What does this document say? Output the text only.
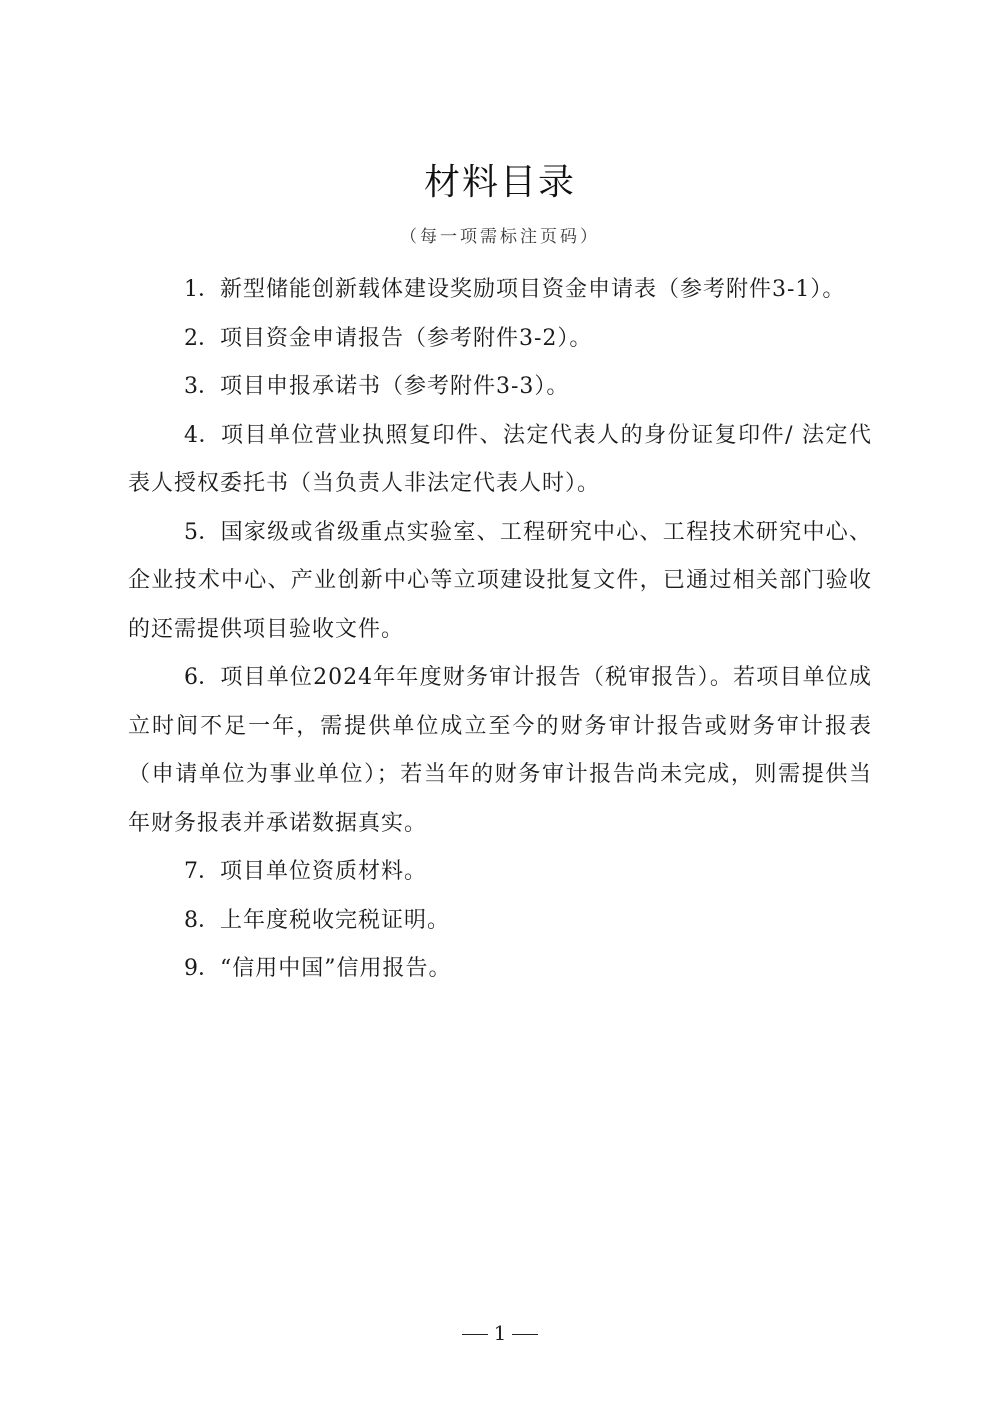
材料目录
（每一项需标注页码）

1．新型储能创新载体建设奖励项目资金申请表（参考附件3-1）。

2．项目资金申请报告（参考附件3-2）。

3．项目申报承诺书（参考附件3-3）。

4．项目单位营业执照复印件、法定代表人的身份证复印件/ 法定代表人授权委托书（当负责人非法定代表人时）。

5．国家级或省级重点实验室、工程研究中心、工程技术研究中心、企业技术中心、产业创新中心等立项建设批复文件，已通过相关部门验收的还需提供项目验收文件。

6．项目单位2024年年度财务审计报告（税审报告）。若项目单位成立时间不足一年，需提供单位成立至今的财务审计报告或财务审计报表（申请单位为事业单位）；若当年的财务审计报告尚未完成，则需提供当年财务报表并承诺数据真实。

7．项目单位资质材料。

8．上年度税收完税证明。

9．“信用中国”信用报告。

1
